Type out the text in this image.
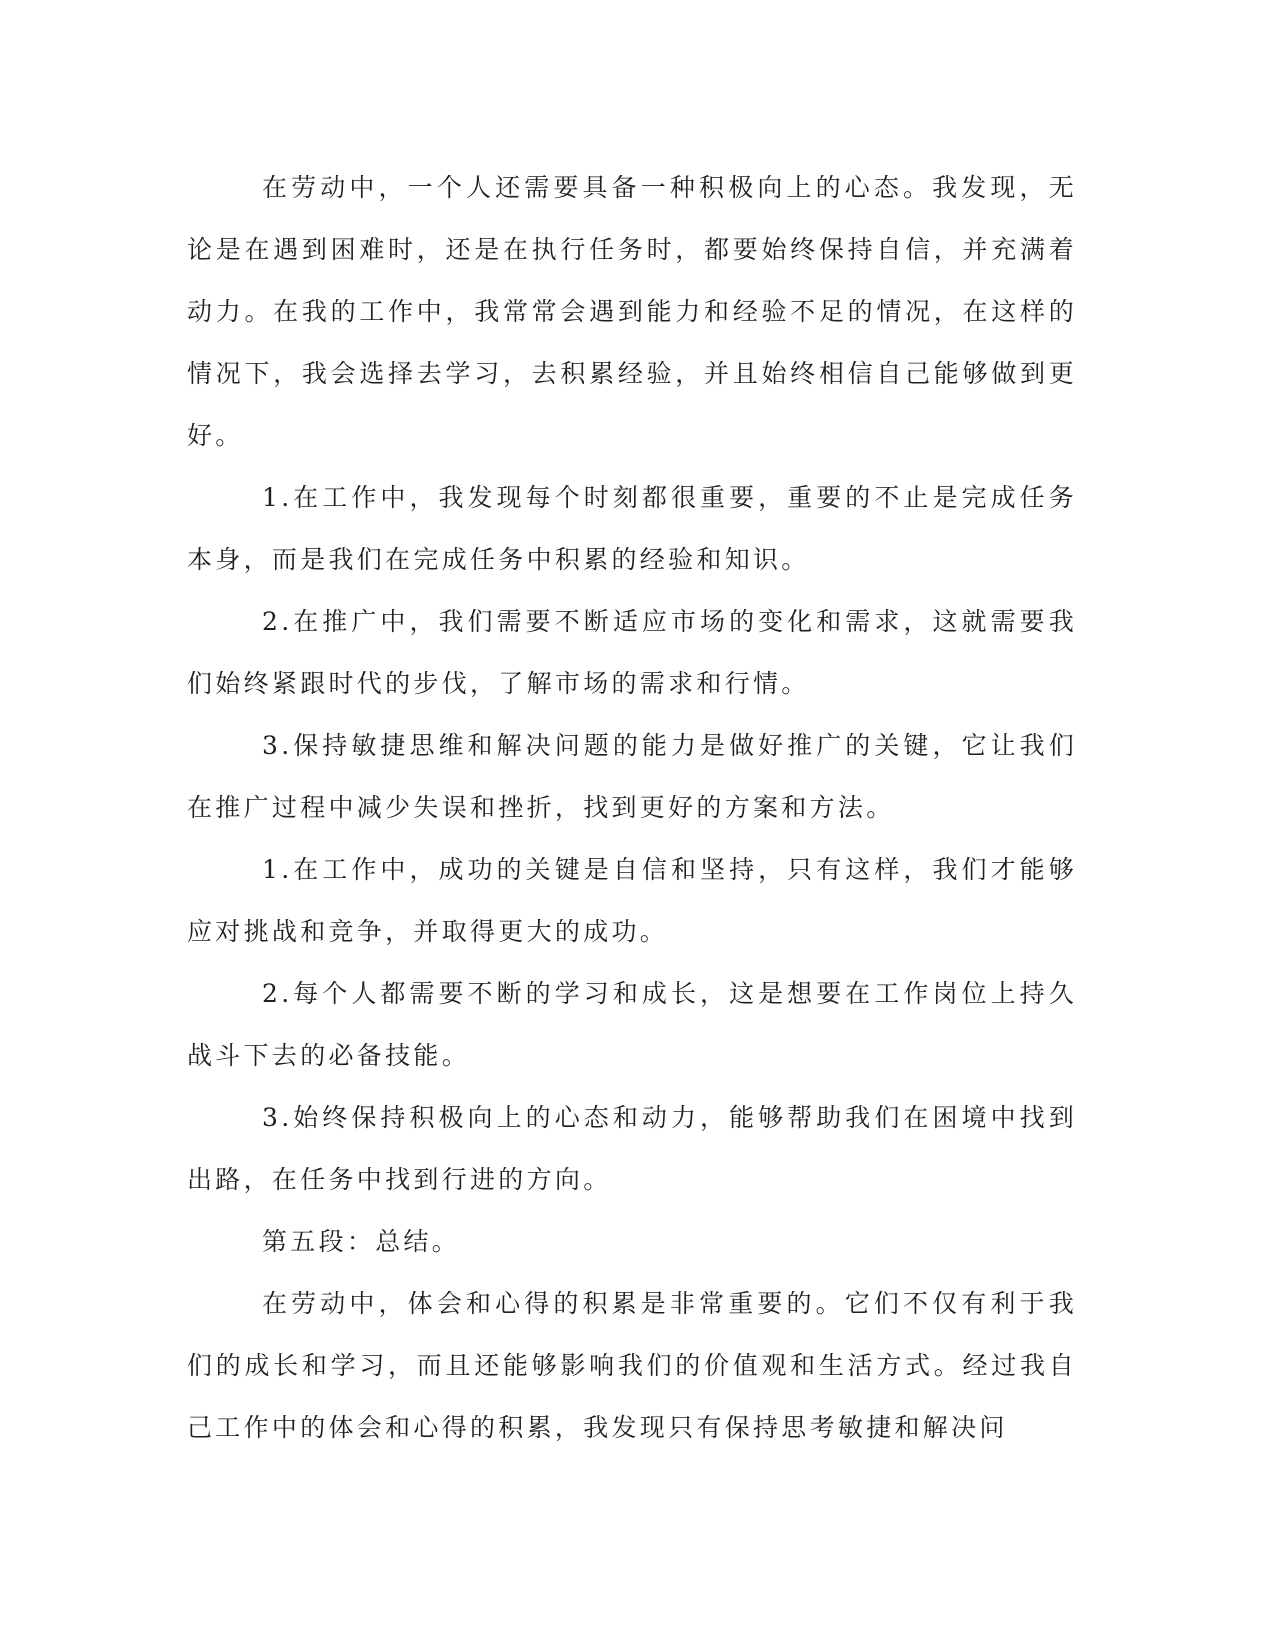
在劳动中，一个人还需要具备一种积极向上的心态。我发现，无论是在遇到困难时，还是在执行任务时，都要始终保持自信，并充满着动力。在我的工作中，我常常会遇到能力和经验不足的情况，在这样的情况下，我会选择去学习，去积累经验，并且始终相信自己能够做到更好。

1.在工作中，我发现每个时刻都很重要，重要的不止是完成任务本身，而是我们在完成任务中积累的经验和知识。

2.在推广中，我们需要不断适应市场的变化和需求，这就需要我们始终紧跟时代的步伐，了解市场的需求和行情。

3.保持敏捷思维和解决问题的能力是做好推广的关键，它让我们在推广过程中减少失误和挫折，找到更好的方案和方法。

1.在工作中，成功的关键是自信和坚持，只有这样，我们才能够应对挑战和竞争，并取得更大的成功。

2.每个人都需要不断的学习和成长，这是想要在工作岗位上持久战斗下去的必备技能。

3.始终保持积极向上的心态和动力，能够帮助我们在困境中找到出路，在任务中找到行进的方向。

第五段：总结。

在劳动中，体会和心得的积累是非常重要的。它们不仅有利于我们的成长和学习，而且还能够影响我们的价值观和生活方式。经过我自己工作中的体会和心得的积累，我发现只有保持思考敏捷和解决问
